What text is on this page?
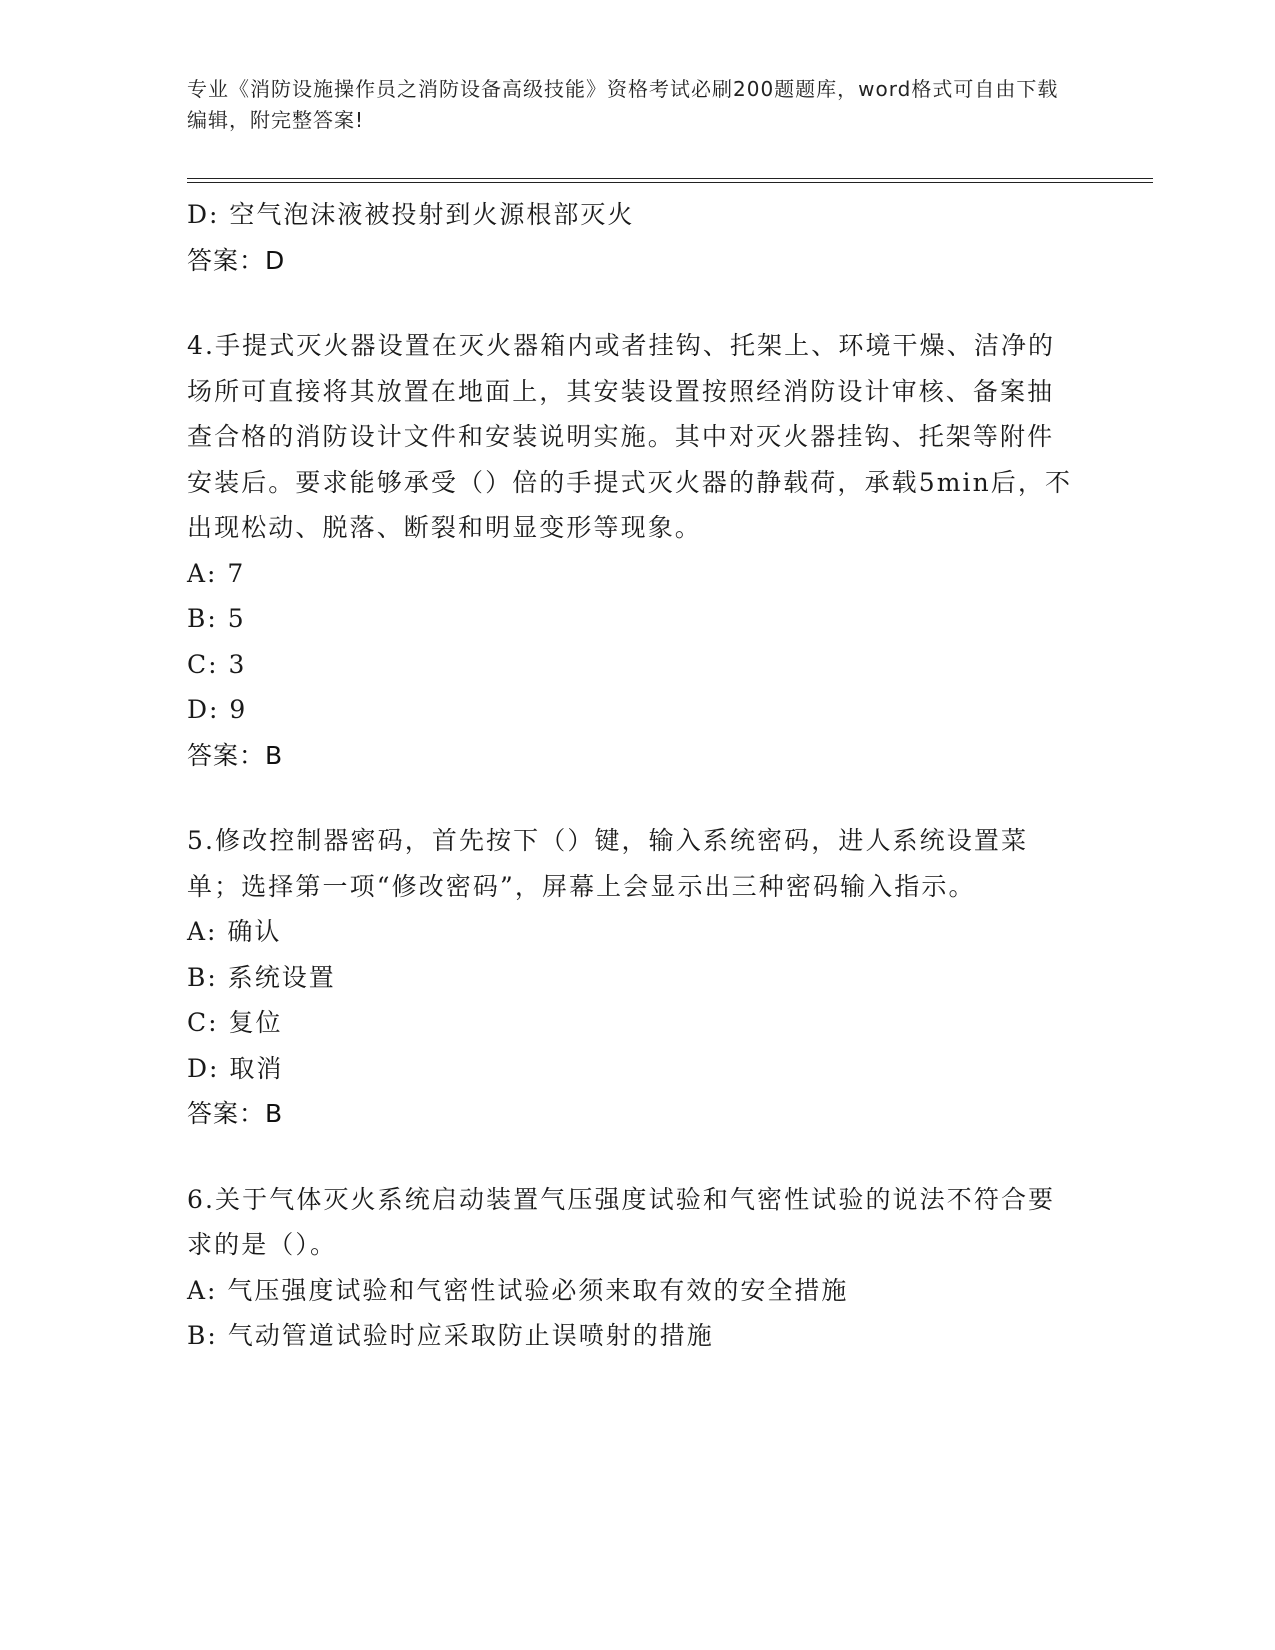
专业《消防设施操作员之消防设备高级技能》资格考试必刷200题题库，word格式可自由下载编辑，附完整答案!
D: 空气泡沫液被投射到火源根部灭火
答案：D
4.手提式灭火器设置在灭火器箱内或者挂钩、托架上、环境干燥、洁净的场所可直接将其放置在地面上，其安装设置按照经消防设计审核、备案抽查合格的消防设计文件和安装说明实施。其中对灭火器挂钩、托架等附件安装后。要求能够承受（）倍的手提式灭火器的静载荷，承载5min后，不出现松动、脱落、断裂和明显变形等现象。
A: 7
B: 5
C: 3
D: 9
答案：B
5.修改控制器密码，首先按下（）键，输入系统密码，进人系统设置菜单；选择第一项“修改密码”，屏幕上会显示出三种密码输入指示。
A: 确认
B: 系统设置
C: 复位
D: 取消
答案：B
6.关于气体灭火系统启动装置气压强度试验和气密性试验的说法不符合要求的是（）。
A: 气压强度试验和气密性试验必须来取有效的安全措施
B: 气动管道试验时应采取防止误喷射的措施
